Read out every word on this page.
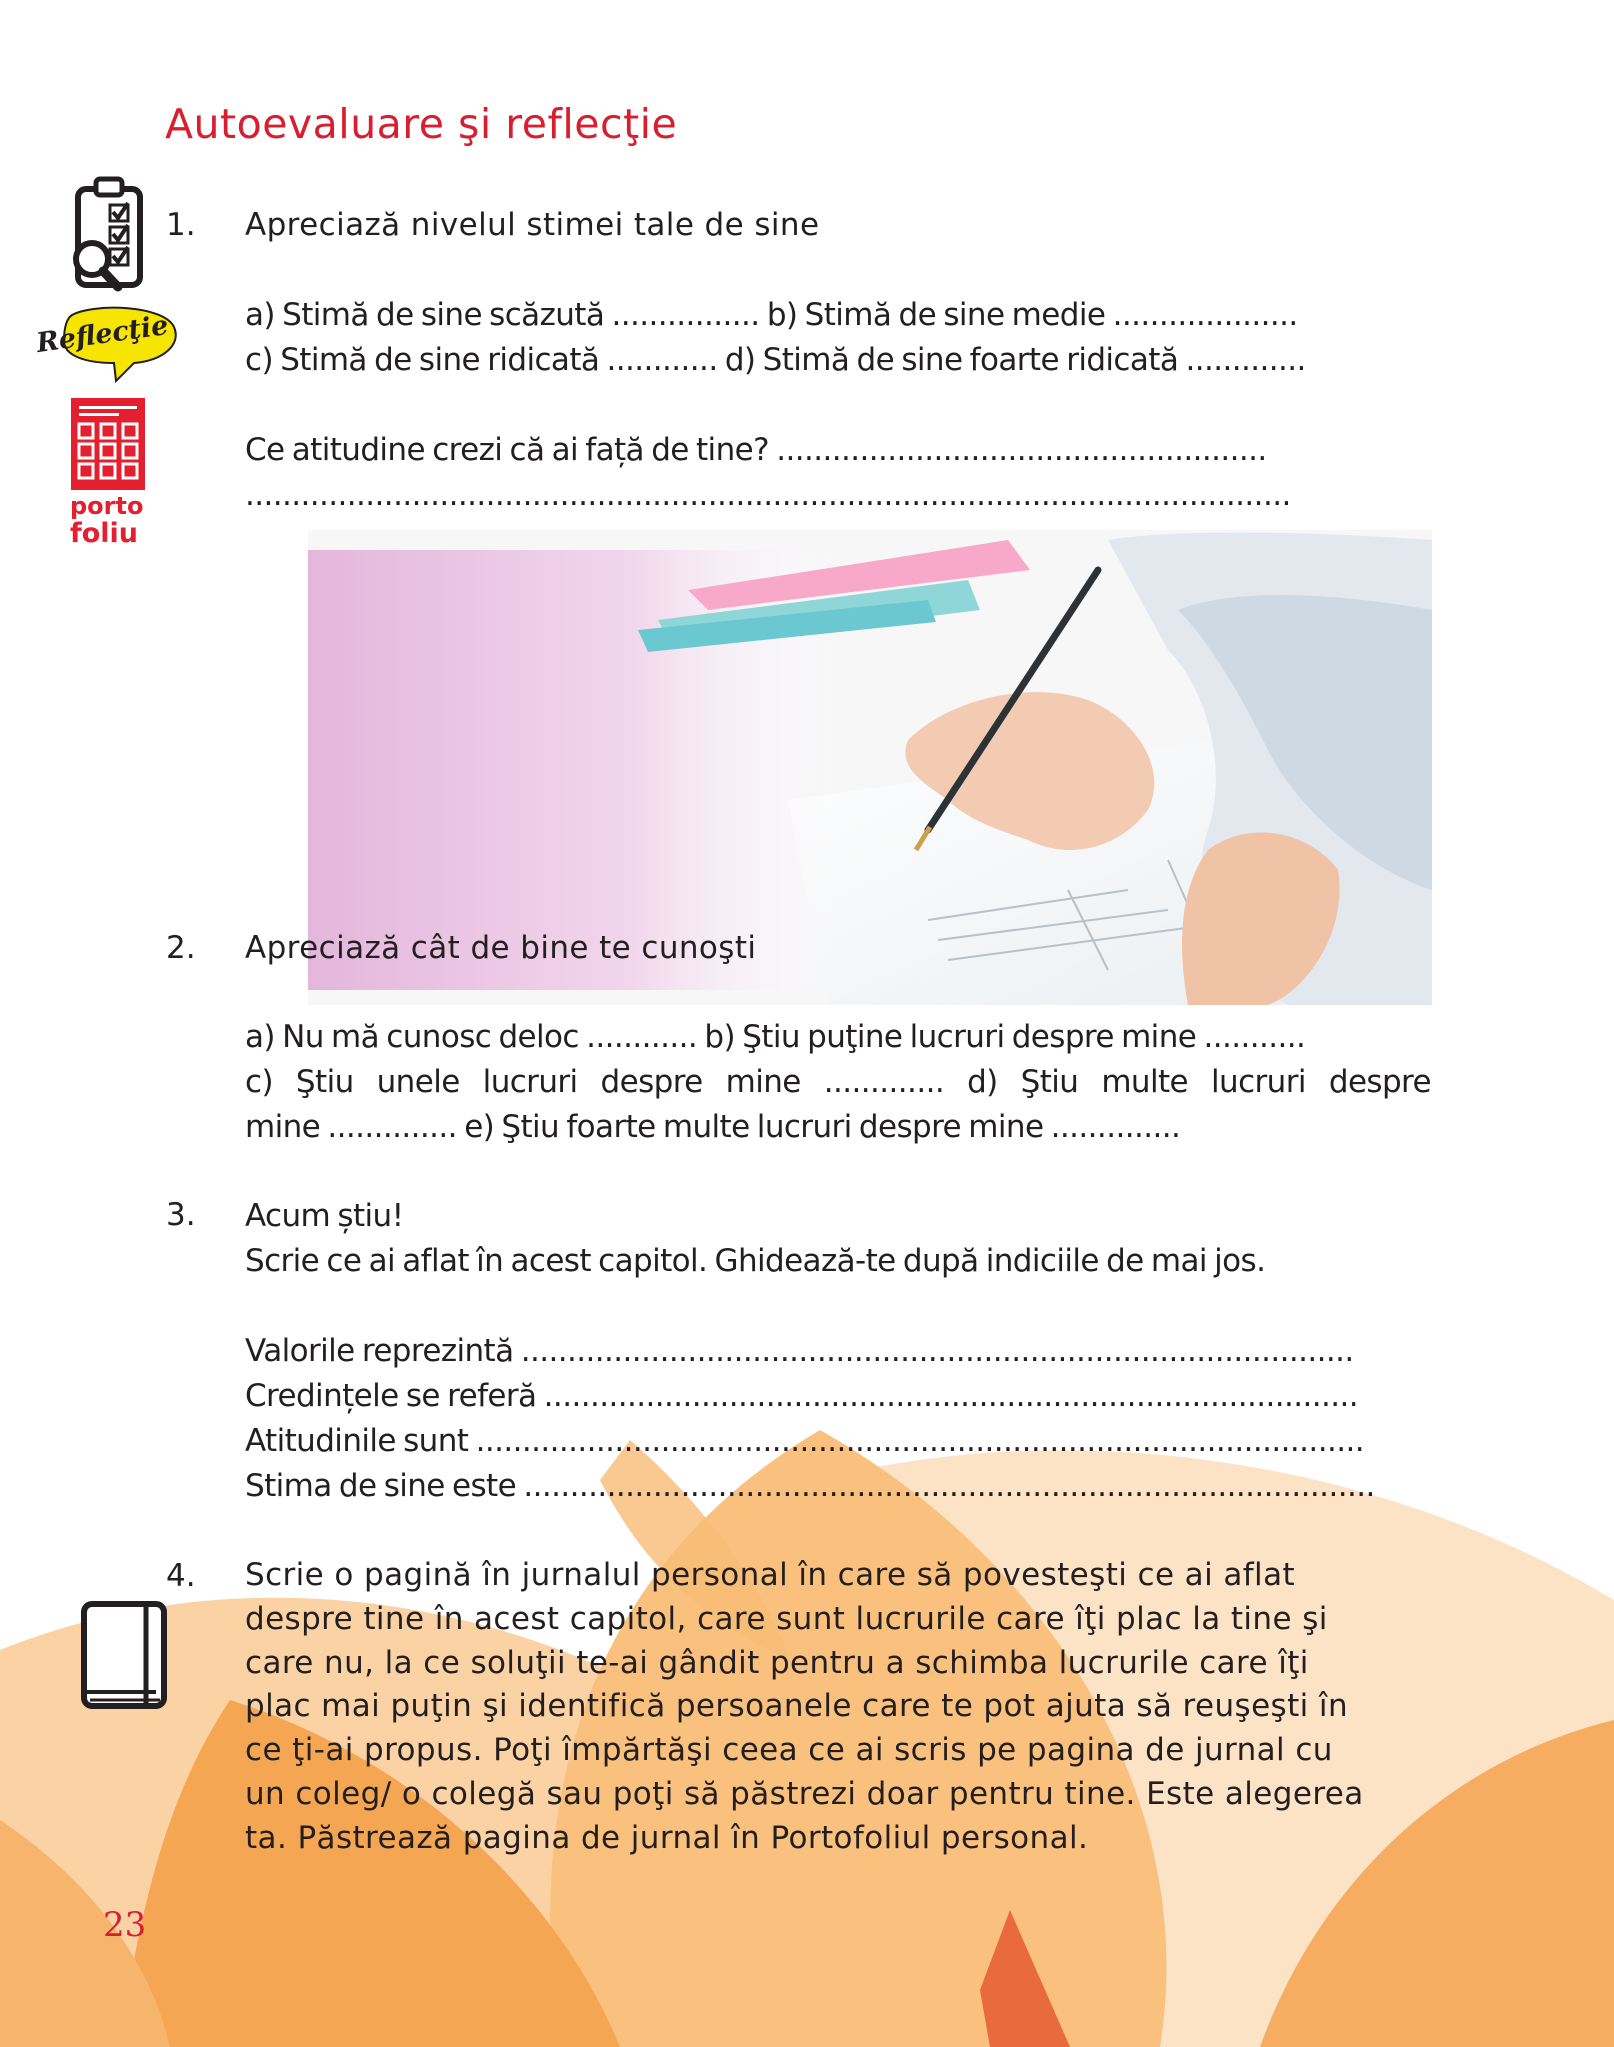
Autoevaluare şi reflecţie
Reflecţie
porto
foliu

1. Apreciază nivelul stimei tale de sine

a) Stimă de sine scăzută ................ b) Stimă de sine medie ....................
c) Stimă de sine ridicată ............ d) Stimă de sine foarte ridicată .............
Ce atitudine crezi că ai față de tine? .....................................................
.................................................................................................................

2. Apreciază cât de bine te cunoşti

a) Nu mă cunosc deloc ............ b) Ştiu puţine lucruri despre mine ...........
c) Ştiu unele lucruri despre mine ............. d) Ştiu multe lucruri despre
mine .............. e) Ştiu foarte multe lucruri despre mine ..............

3. Acum știu!
Scrie ce ai aflat în acest capitol. Ghidează-te după indiciile de mai jos.
Valorile reprezintă ..........................................................................................
Credințele se referă ........................................................................................
Atitudinile sunt ................................................................................................
Stima de sine este ............................................................................................

4. Scrie o pagină în jurnalul personal în care să povesteşti ce ai aflat
despre tine în acest capitol, care sunt lucrurile care îţi plac la tine şi
care nu, la ce soluţii te-ai gândit pentru a schimba lucrurile care îţi
plac mai puţin şi identifică persoanele care te pot ajuta să reuşeşti în
ce ţi-ai propus. Poţi împărtăşi ceea ce ai scris pe pagina de jurnal cu
un coleg/ o colegă sau poţi să păstrezi doar pentru tine. Este alegerea
ta. Păstrează pagina de jurnal în Portofoliul personal.

23
